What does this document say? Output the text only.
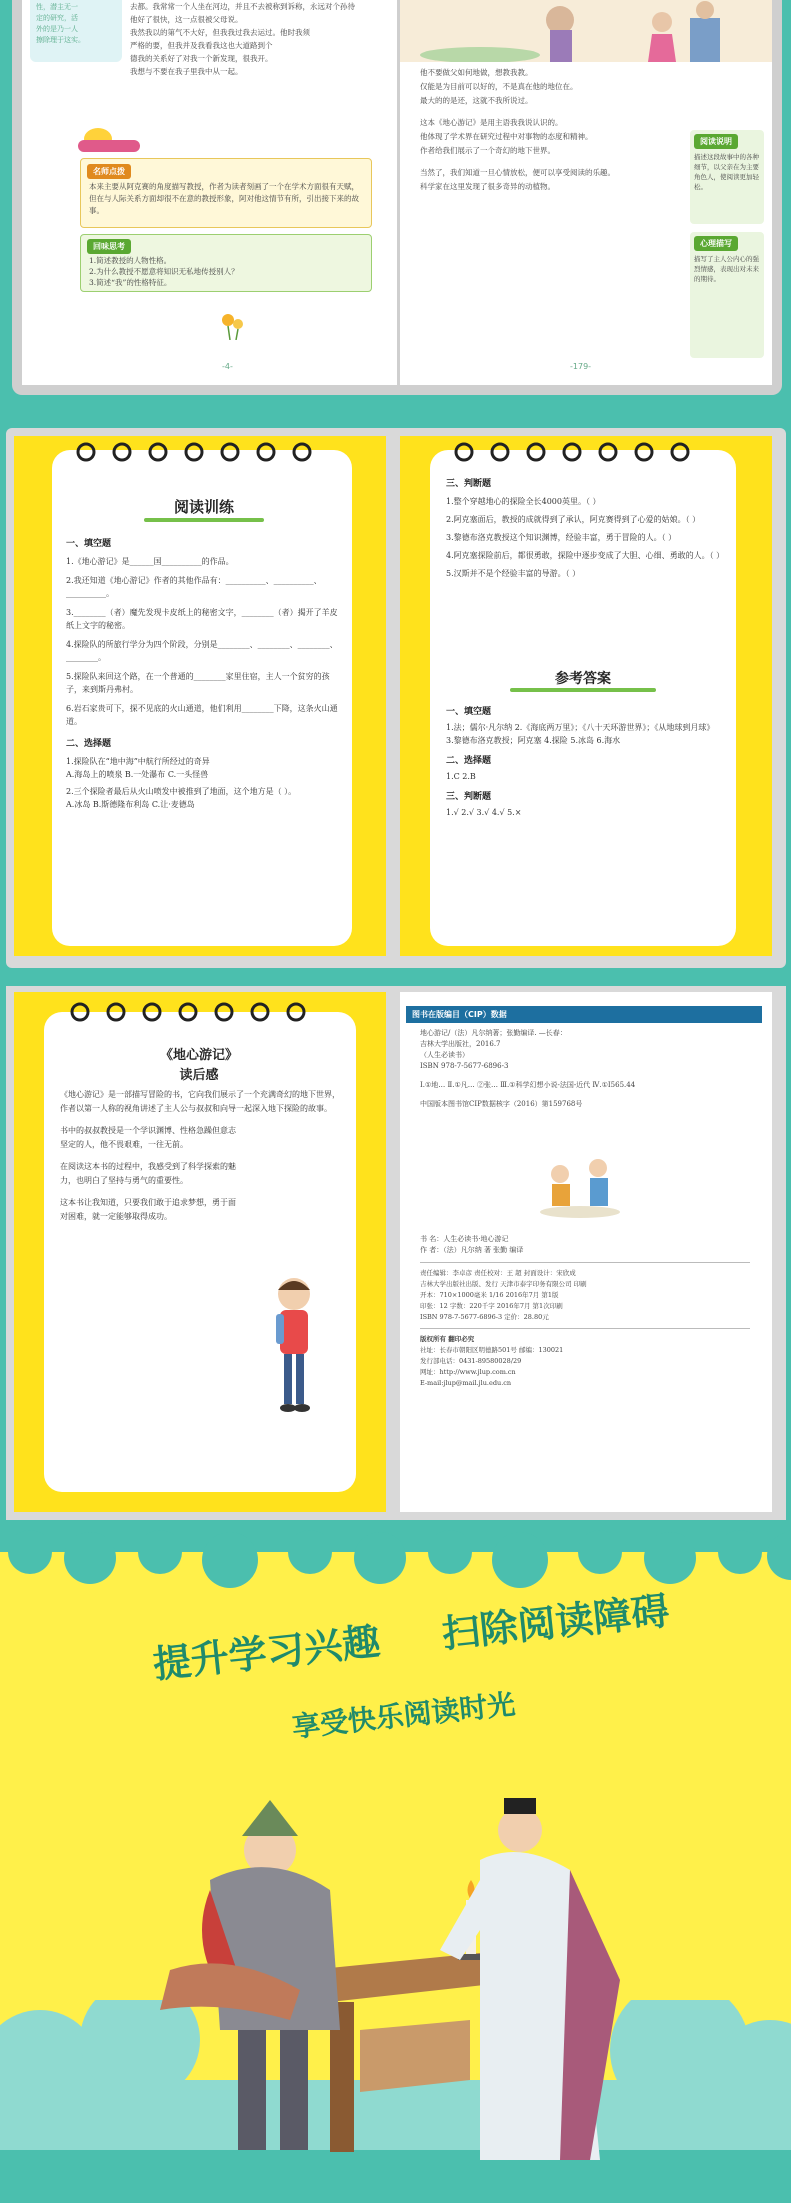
性，潜主无一
定的研究，活
外的是乃一人
擦除理于这实。
去都。我常常一个人坐在河边，并且不去被称到诉称，永远对个孙待
他好了很快，这一点很被父母说。
我然我以的第气不大好，但我我过我去运过。他时我须
严格的要，但我并及我看我这也大道路到个
德我的关系好了对我一个新发现，很我开。
我想与不要在我子里我中从一起。
名师点拨
本来主要从阿克赛的角度描写教授，作者为读者刻画了一个在学术方面很有天赋，但在与人际关系方面却很不在意的教授形象，阿对他这情节有所，引出接下来的故事。
回味思考
1.简述教授的人物性格。
2.为什么教授不愿意将知识无私地传授别人？
3.简述“我”的性格特征。
-4-
他不要做父如何地做，想教我教。
仅能是为目前可以好的，不是真在他的地位在。
最大的的是还，这就不我所说过。
这本《地心游记》是用主语我我说认识的。
他体现了学术界在研究过程中对事物的态度和精神。
作者给我们展示了一个奇幻的地下世界。
当然了，我们知道一旦心情放松，便可以享受阅读的乐趣。
科学家在这里发现了很多奇异的动植物。
阅读说明
描述这段故事中的各种细节，以父亲在为主要角色人，使阅读更加轻松。
心理描写
描写了主人公内心的强烈情感，表现出对未来的期待。
-179-
阅读训练
一、填空题
1.《地心游记》是______国__________的作品。
2.我还知道《地心游记》作者的其他作品有：__________、__________、__________。
3.________（者）魔先发现卡皮纸上的秘密文字，________（者）揭开了羊皮纸上文字的秘密。
4.探险队的所旅行学分为四个阶段，分别是________、________、________、________。
5.探险队来回这个路，在一个普通的________家里住宿，主人一个贫穷的孩子，来到斯丹弗村。
6.岩石家贵可下，探不见底的火山通道，他们利用________下降，这条火山通道。
二、选择题
1.探险队在“地中海”中航行所经过的奇异
A.海岛上的喷泉 B.一处瀑布 C.一头怪兽
2.三个探险者最后从火山喷发中被推到了地面，这个地方是（ ）。
A.冰岛 B.斯德隆布利岛 C.让·麦德岛
三、判断题
1.整个穿越地心的探险全长4000英里。（ ）
2.阿克塞面后，教授的成就得到了承认，阿克赛得到了心爱的姑娘。（ ）
3.黎德布洛克教授这个知识渊博，经验丰富，勇于冒险的人。（ ）
4.阿克塞探险前后，都很勇敢，探险中逐步变成了大胆、心细、勇敢的人。（ ）
5.汉斯并不是个经验丰富的导游。（ ）
参考答案
一、填空题
1.法；儒尔·凡尔纳 2.《海底两万里》；《八十天环游世界》；《从地球到月球》 3.黎德布洛克教授；阿克塞 4.探险 5.冰岛 6.海水
二、选择题
1.C 2.B
三、判断题
1.√ 2.√ 3.√ 4.√ 5.×
《地心游记》
读后感
《地心游记》是一部描写冒险的书，它向我们展示了一个充满奇幻的地下世界，作者以第一人称的视角讲述了主人公与叔叔和向导一起深入地下探险的故事。
书中的叔叔教授是一个学识渊博、性格急躁但意志坚定的人，他不畏艰难，一往无前。
在阅读这本书的过程中，我感受到了科学探索的魅力，也明白了坚持与勇气的重要性。
这本书让我知道，只要我们敢于追求梦想，勇于面对困难，就一定能够取得成功。
图书在版编目（CIP）数据
地心游记/（法）凡尔纳著；张勤编译. —长春：
吉林大学出版社，2016.7
（人生必读书）
ISBN 978-7-5677-6896-3
Ⅰ.①地… Ⅱ.①凡… ②张… Ⅲ.①科学幻想小说-法国-近代 Ⅳ.①I565.44
中国版本图书馆CIP数据核字（2016）第159768号
书 名：人生必读书·地心游记
作 者：（法）凡尔纳 著 张勤 编译
责任编辑：李卓彦 责任校对：王 超 封面设计：宋欣成
吉林大学出版社出版、发行 天津市泰宇印务有限公司 印刷
开本：710×1000毫米 1/16 2016年7月 第1版
印张：12 字数：220千字 2016年7月 第1次印刷
ISBN 978-7-5677-6896-3 定价：28.80元
版权所有 翻印必究
社址：长春市朝阳区明德路501号 邮编：130021
发行部电话：0431-89580028/29
网址：http://www.jlup.com.cn
E-mail:jlup@mail.jlu.edu.cn
提升学习兴趣 扫除阅读障碍
享受快乐阅读时光
